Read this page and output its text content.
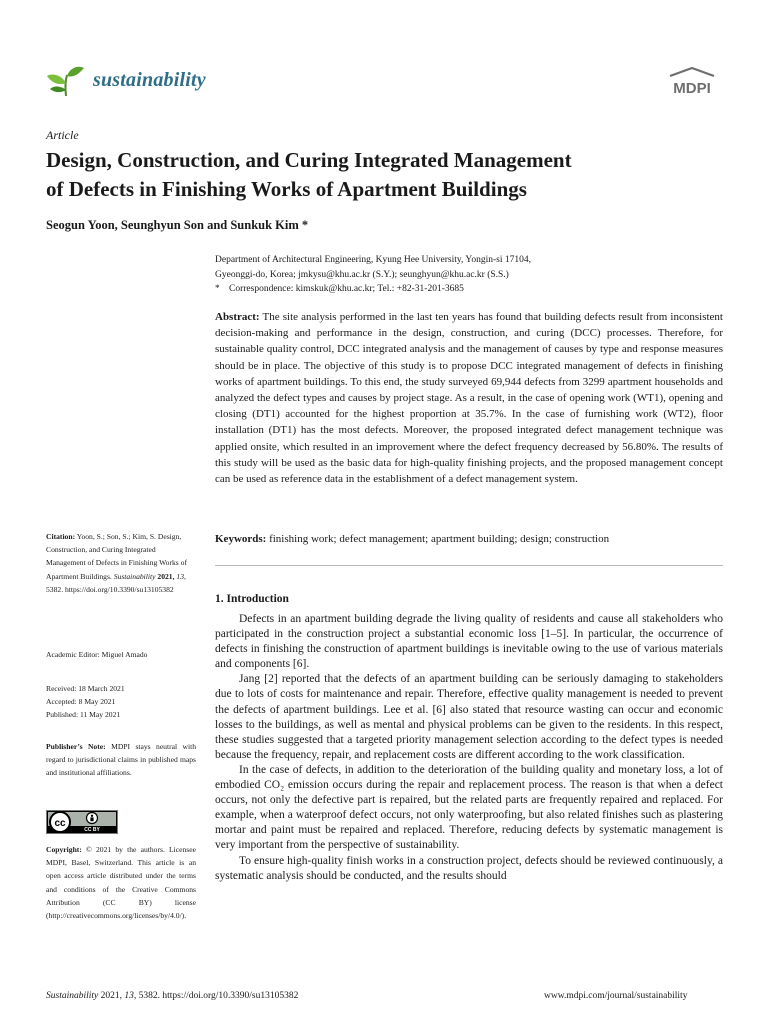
sustainability	MDPI
Article
Design, Construction, and Curing Integrated Management
of Defects in Finishing Works of Apartment Buildings
Seogun Yoon, Seunghyun Son and Sunkuk Kim *
Department of Architectural Engineering, Kyung Hee University, Yongin-si 17104,
Gyeonggi-do, Korea; jmkysu@khu.ac.kr (S.Y.); seunghyun@khu.ac.kr (S.S.)
* Correspondence: kimskuk@khu.ac.kr; Tel.: +82-31-201-3685

Abstract: The site analysis performed in the last ten years has found that building defects result from inconsistent decision-making and performance in the design, construction, and curing (DCC) processes. Therefore, for sustainable quality control, DCC integrated analysis and the management of causes by type and response measures should be in place. The objective of this study is to propose DCC integrated management of defects in finishing works of apartment buildings. To this end, the study surveyed 69,944 defects from 3299 apartment households and analyzed the defect types and causes by project stage. As a result, in the case of opening work (WT1), opening and closing (DT1) accounted for the highest proportion at 35.7%. In the case of furnishing work (WT2), floor installation (DT1) has the most defects. Moreover, the proposed integrated defect management technique was applied onsite, which resulted in an improvement where the defect frequency decreased by 56.80%. The results of this study will be used as the basic data for high-quality finishing projects, and the proposed management concept can be used as reference data in the establishment of a defect management system.

Keywords: finishing work; defect management; apartment building; design; construction

Citation: Yoon, S.; Son, S.; Kim, S. Design, Construction, and Curing Integrated Management of Defects in Finishing Works of Apartment Buildings. Sustainability 2021, 13, 5382. https://doi.org/10.3390/su13105382

Academic Editor: Miguel Amado

Received: 18 March 2021
Accepted: 8 May 2021
Published: 11 May 2021

Publisher’s Note: MDPI stays neutral with regard to jurisdictional claims in published maps and institutional affiliations.

cc
CC BY

Copyright: © 2021 by the authors. Licensee MDPI, Basel, Switzerland. This article is an open access article distributed under the terms and conditions of the Creative Commons Attribution (CC BY) license (http://creativecommons.org/licenses/by/4.0/).

1. Introduction

Defects in an apartment building degrade the living quality of residents and cause all stakeholders who participated in the construction project a substantial economic loss [1–5]. In particular, the occurrence of defects in finishing the construction of apartment buildings is inevitable owing to the use of various materials and components [6].

Jang [2] reported that the defects of an apartment building can be seriously damaging to stakeholders due to lots of costs for maintenance and repair. Therefore, effective quality management is needed to prevent the defects of apartment buildings. Lee et al. [6] also stated that resource wasting can occur and economic losses to the buildings, as well as mental and physical problems can be given to the residents. In this respect, these studies suggested that a targeted priority management selection according to the defect types is needed because the frequency, repair, and replacement costs are different according to the work classification.

In the case of defects, in addition to the deterioration of the building quality and monetary loss, a lot of embodied CO₂ emission occurs during the repair and replacement process. The reason is that when a defect occurs, not only the defective part is repaired, but the related parts are frequently repaired and replaced. For example, when a waterproof defect occurs, not only waterproofing, but also related finishes such as plastering mortar and paint must be repaired and replaced. Therefore, reducing defects by systematic management is very important from the perspective of sustainability.

To ensure high-quality finish works in a construction project, defects should be reviewed continuously, a systematic analysis should be conducted, and the results should

Sustainability 2021, 13, 5382. https://doi.org/10.3390/su13105382	www.mdpi.com/journal/sustainability
